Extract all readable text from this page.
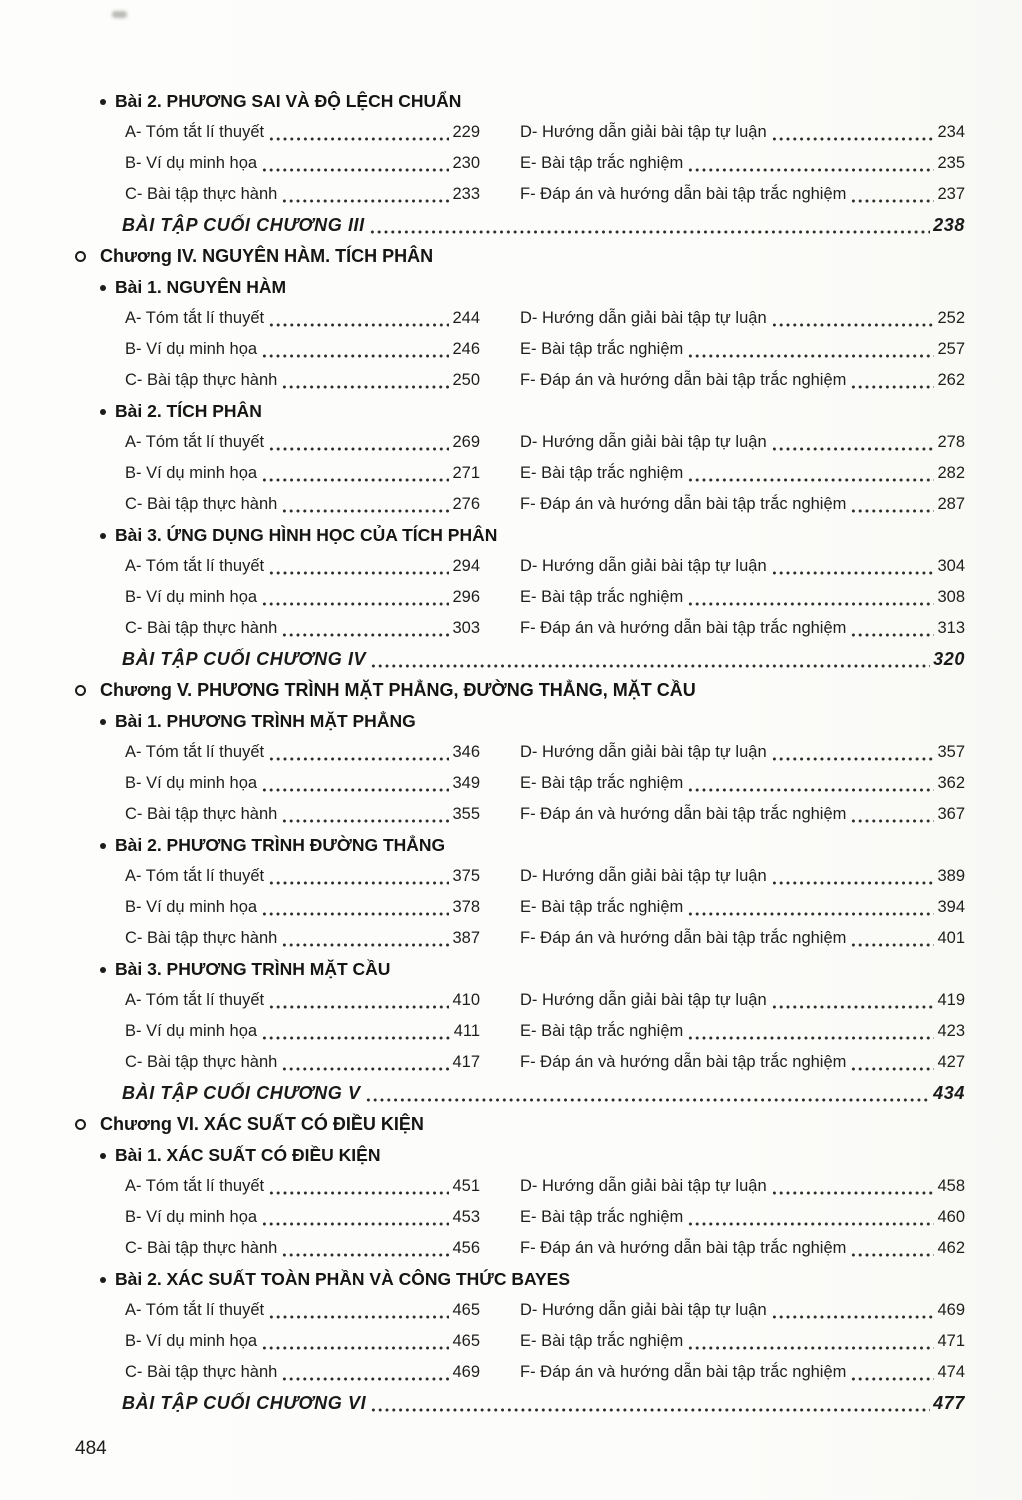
Bài 2. PHƯƠNG SAI VÀ ĐỘ LỆCH CHUẨN
A- Tóm tắt lí thuyết	229 D- Hướng dẫn giải bài tập tự luận	234
B- Ví dụ minh họa	230 E- Bài tập trắc nghiệm	235
C- Bài tập thực hành	233 F- Đáp án và hướng dẫn bài tập trắc nghiệm	237
BÀI TẬP CUỐI CHƯƠNG III	238
Chương IV. NGUYÊN HÀM. TÍCH PHÂN
Bài 1. NGUYÊN HÀM
A- Tóm tắt lí thuyết	244 D- Hướng dẫn giải bài tập tự luận	252
B- Ví dụ minh họa	246 E- Bài tập trắc nghiệm	257
C- Bài tập thực hành	250 F- Đáp án và hướng dẫn bài tập trắc nghiệm	262
Bài 2. TÍCH PHÂN
A- Tóm tắt lí thuyết	269 D- Hướng dẫn giải bài tập tự luận	278
B- Ví dụ minh họa	271 E- Bài tập trắc nghiệm	282
C- Bài tập thực hành	276 F- Đáp án và hướng dẫn bài tập trắc nghiệm	287
Bài 3. ỨNG DỤNG HÌNH HỌC CỦA TÍCH PHÂN
A- Tóm tắt lí thuyết	294 D- Hướng dẫn giải bài tập tự luận	304
B- Ví dụ minh họa	296 E- Bài tập trắc nghiệm	308
C- Bài tập thực hành	303 F- Đáp án và hướng dẫn bài tập trắc nghiệm	313
BÀI TẬP CUỐI CHƯƠNG IV	320
Chương V. PHƯƠNG TRÌNH MẶT PHẲNG, ĐƯỜNG THẲNG, MẶT CẦU
Bài 1. PHƯƠNG TRÌNH MẶT PHẲNG
A- Tóm tắt lí thuyết	346 D- Hướng dẫn giải bài tập tự luận	357
B- Ví dụ minh họa	349 E- Bài tập trắc nghiệm	362
C- Bài tập thực hành	355 F- Đáp án và hướng dẫn bài tập trắc nghiệm	367
Bài 2. PHƯƠNG TRÌNH ĐƯỜNG THẲNG
A- Tóm tắt lí thuyết	375 D- Hướng dẫn giải bài tập tự luận	389
B- Ví dụ minh họa	378 E- Bài tập trắc nghiệm	394
C- Bài tập thực hành	387 F- Đáp án và hướng dẫn bài tập trắc nghiệm	401
Bài 3. PHƯƠNG TRÌNH MẶT CẦU
A- Tóm tắt lí thuyết	410 D- Hướng dẫn giải bài tập tự luận	419
B- Ví dụ minh họa	411 E- Bài tập trắc nghiệm	423
C- Bài tập thực hành	417 F- Đáp án và hướng dẫn bài tập trắc nghiệm	427
BÀI TẬP CUỐI CHƯƠNG V	434
Chương VI. XÁC SUẤT CÓ ĐIỀU KIỆN
Bài 1. XÁC SUẤT CÓ ĐIỀU KIỆN
A- Tóm tắt lí thuyết	451 D- Hướng dẫn giải bài tập tự luận	458
B- Ví dụ minh họa	453 E- Bài tập trắc nghiệm	460
C- Bài tập thực hành	456 F- Đáp án và hướng dẫn bài tập trắc nghiệm	462
Bài 2. XÁC SUẤT TOÀN PHẦN VÀ CÔNG THỨC BAYES
A- Tóm tắt lí thuyết	465 D- Hướng dẫn giải bài tập tự luận	469
B- Ví dụ minh họa	465 E- Bài tập trắc nghiệm	471
C- Bài tập thực hành	469 F- Đáp án và hướng dẫn bài tập trắc nghiệm	474
BÀI TẬP CUỐI CHƯƠNG VI	477
484
